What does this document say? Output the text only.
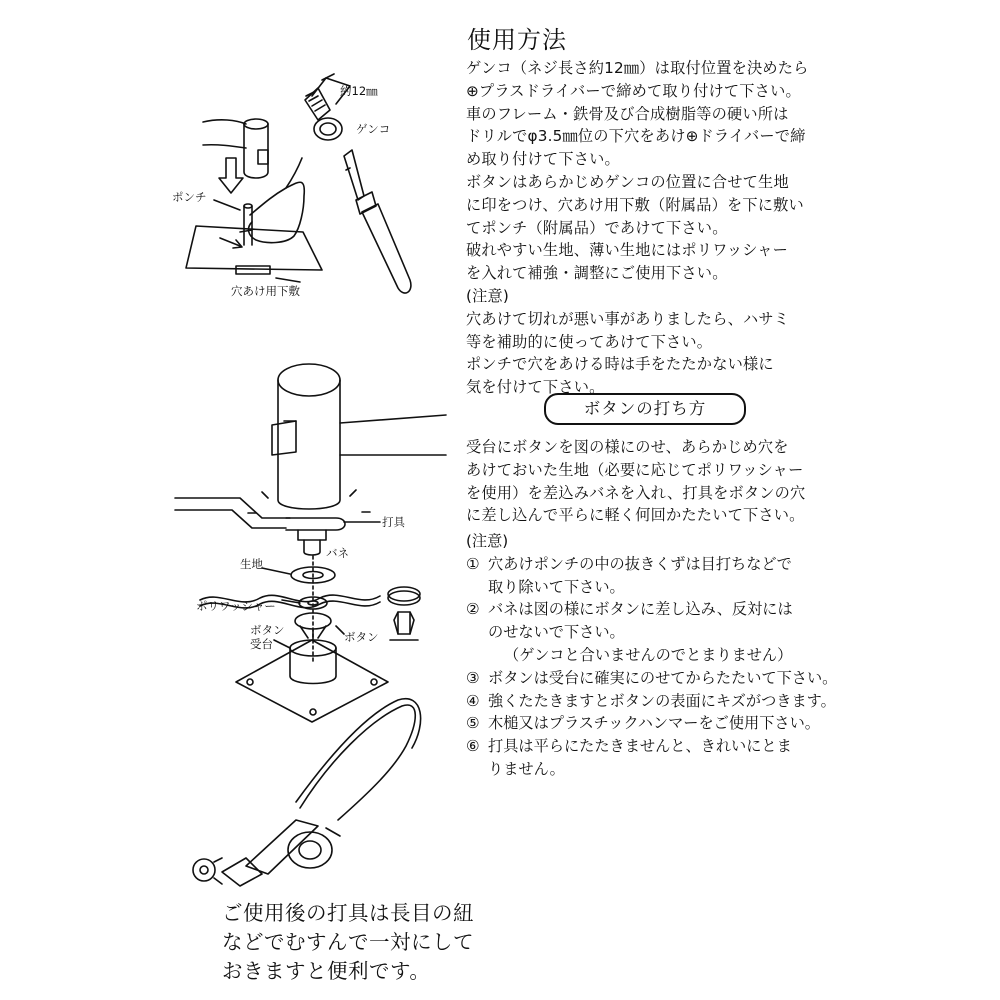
約12㎜
ゲンコ
ポンチ
穴あけ用下敷
打具
バネ
生地
ポリワッシャー
ボタン
受台	ボタン
使用方法
ゲンコ（ネジ長さ約12㎜）は取付位置を決めたら
⊕プラスドライバーで締めて取り付けて下さい。
車のフレーム・鉄骨及び合成樹脂等の硬い所は
ドリルでφ3.5㎜位の下穴をあけ⊕ドライバーで締
め取り付けて下さい。
ボタンはあらかじめゲンコの位置に合せて生地
に印をつけ、穴あけ用下敷（附属品）を下に敷い
てポンチ（附属品）であけて下さい。
破れやすい生地、薄い生地にはポリワッシャー
を入れて補強・調整にご使用下さい。
(注意)
穴あけて切れが悪い事がありましたら、ハサミ
等を補助的に使ってあけて下さい。
ポンチで穴をあける時は手をたたかない様に
気を付けて下さい。
ボタンの打ち方
受台にボタンを図の様にのせ、あらかじめ穴を
あけておいた生地（必要に応じてポリワッシャー
を使用）を差込みバネを入れ、打具をボタンの穴
に差し込んで平らに軽く何回かたたいて下さい。
(注意)
① 穴あけポンチの中の抜きくずは目打ちなどで
取り除いて下さい。
② バネは図の様にボタンに差し込み、反対には
のせないで下さい。
（ゲンコと合いませんのでとまりません）
③ ボタンは受台に確実にのせてからたたいて下さい。
④ 強くたたきますとボタンの表面にキズがつきます。
⑤ 木槌又はプラスチックハンマーをご使用下さい。
⑥ 打具は平らにたたきませんと、きれいにとま
りません。
ご使用後の打具は長目の紐
などでむすんで一対にして
おきますと便利です。
